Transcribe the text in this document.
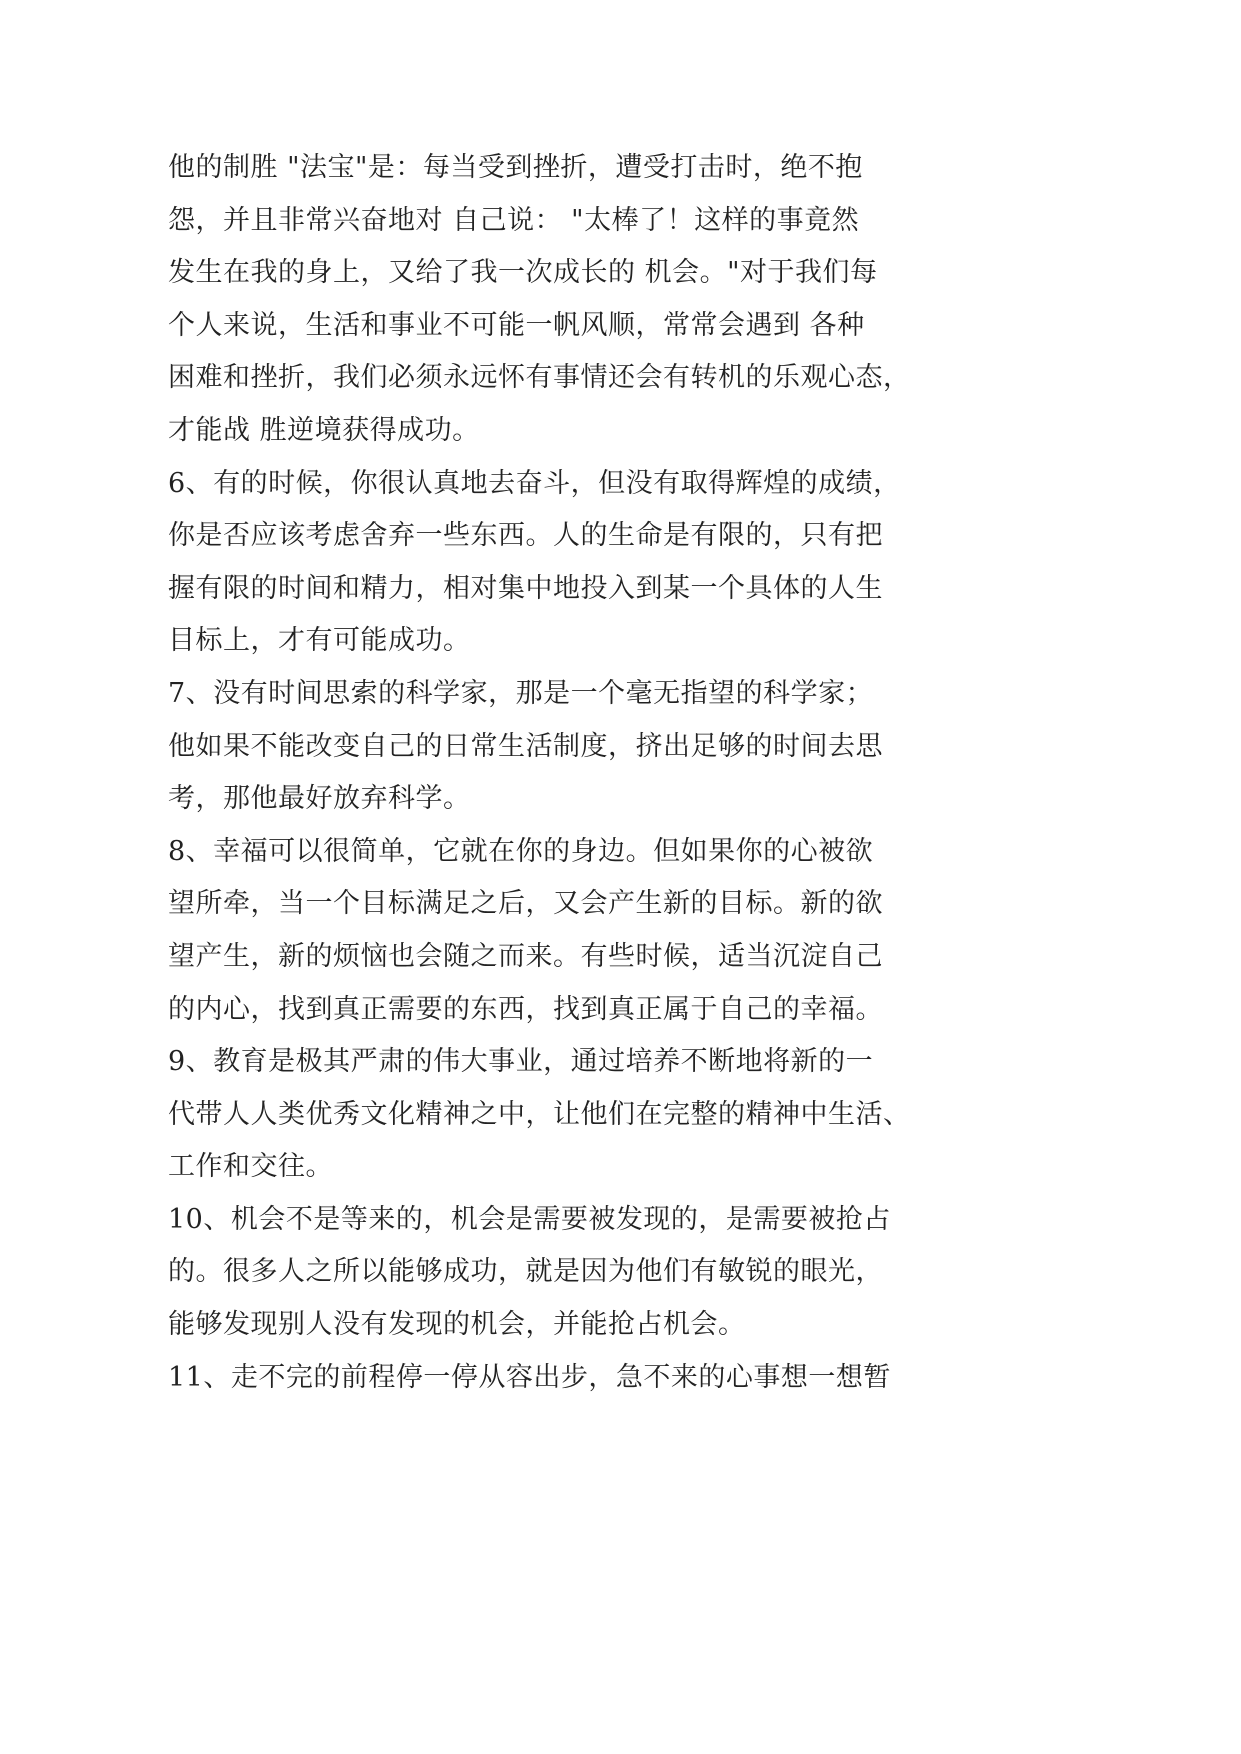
他的制胜 "法宝"是：每当受到挫折，遭受打击时，绝不抱
怨，并且非常兴奋地对 自己说： "太棒了！这样的事竟然
发生在我的身上，又给了我一次成长的 机会。"对于我们每
个人来说，生活和事业不可能一帆风顺，常常会遇到 各种
困难和挫折，我们必须永远怀有事情还会有转机的乐观心态，
才能战 胜逆境获得成功。
6、有的时候，你很认真地去奋斗，但没有取得辉煌的成绩，
你是否应该考虑舍弃一些东西。人的生命是有限的，只有把
握有限的时间和精力，相对集中地投入到某一个具体的人生
目标上，才有可能成功。
7、没有时间思索的科学家，那是一个毫无指望的科学家；
他如果不能改变自己的日常生活制度，挤出足够的时间去思
考，那他最好放弃科学。
8、幸福可以很简单，它就在你的身边。但如果你的心被欲
望所牵，当一个目标满足之后，又会产生新的目标。新的欲
望产生，新的烦恼也会随之而来。有些时候，适当沉淀自己
的内心，找到真正需要的东西，找到真正属于自己的幸福。
9、教育是极其严肃的伟大事业，通过培养不断地将新的一
代带人人类优秀文化精神之中，让他们在完整的精神中生活、
工作和交往。
10、机会不是等来的，机会是需要被发现的，是需要被抢占
的。很多人之所以能够成功，就是因为他们有敏锐的眼光，
能够发现别人没有发现的机会，并能抢占机会。
11、走不完的前程停一停从容出步，急不来的心事想一想暂
